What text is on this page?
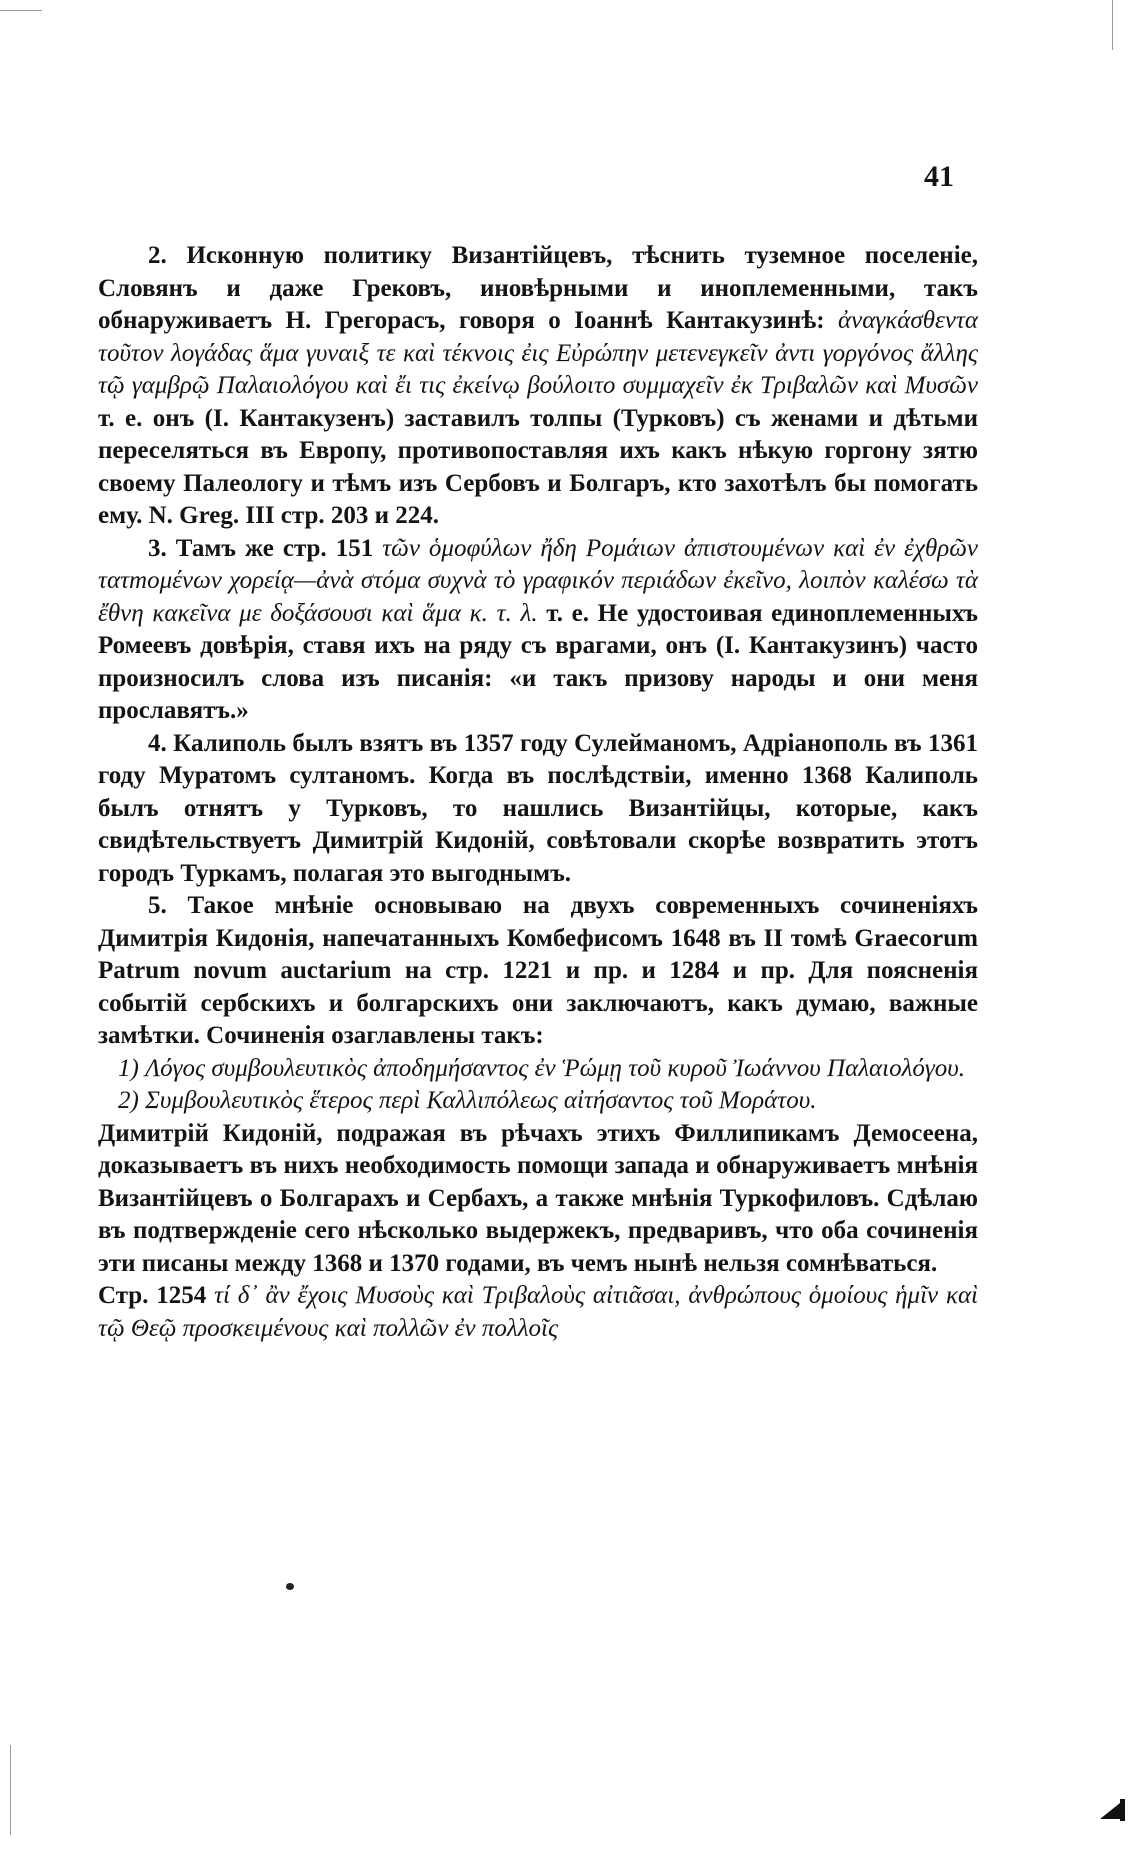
41

2. Исконную политику Византійцевъ, тѣснить туземное поселеніе, Словянъ и даже Грековъ, иновѣрными и иноплеменными, такъ обнаруживаетъ Н. Грегорасъ, говоря о Іоаннѣ Кантакузинѣ: ἀναγκάσθεντα τοῦτον λογάδας ἅμα γυναιξ τε καὶ τέκνοις ἐις Εὐρώπην μετενεγκεῖν ἀντι γοργόνος ἄλλης τῷ γαμβρῷ Παλαιολόγου καὶ ἔι τις ἐκείνῳ βούλοιτο συμμαχεῖν ἐκ Τριβαλῶν καὶ Μυσῶν т. е. онъ (І. Кантакузенъ) заставилъ толпы (Турковъ) съ женами и дѣтьми переселяться въ Европу, противопоставляя ихъ какъ нѣкую горгону зятю своему Палеологу и тѣмъ изъ Сербовъ и Болгаръ, кто захотѣлъ бы помогать ему. N. Greg. III стр. 203 и 224.

3. Тамъ же стр. 151 τῶν ὁμοφύλων ἤδη Ρομάιων ἀπιστουμένων καὶ ἐν ἐχθρῶν τατтομένων χορείᾳ—ἀνὰ στόμα συχνὰ τὸ γραφικόν περιάδων ἐκεῖνο, λοιπὸν καλέσω τὰ ἔθνη κακεῖνα με δοξάσουσι καὶ ἅμα κ. τ. λ. т. е. Не удостоивая единоплеменныхъ Ромеевъ довѣрія, ставя ихъ на ряду съ врагами, онъ (І. Кантакузинъ) часто произносилъ слова изъ писанія: «и такъ призову народы и они меня прославятъ.»

4. Калиполь былъ взятъ въ 1357 году Сулейманомъ, Адріанополь въ 1361 году Муратомъ султаномъ. Когда въ послѣдствіи, именно 1368 Калиполь былъ отнятъ у Турковъ, то нашлись Византійцы, которые, какъ свидѣтельствуетъ Димитрій Кидоній, совѣтовали скорѣе возвратить этотъ городъ Туркамъ, полагая это выгоднымъ.

5. Такое мнѣніе основываю на двухъ современныхъ сочиненіяхъ Димитрія Кидонія, напечатанныхъ Комбефисомъ 1648 въ II томѣ Graecorum Patrum novum auctarium на стр. 1221 и пр. и 1284 и пр. Для поясненія событій сербскихъ и болгарскихъ они заключаютъ, какъ думаю, важные замѣтки. Сочиненія озаглавлены такъ:

1) Λόγος συμβουλευτικὸς ἀποδημήσαντος ἐν Ῥώμῃ τοῦ κυροῦ Ἰωάννου Παλαιολόγου.

2) Συμβουλευτικὸς ἕτερος περὶ Καλλιπόλεως αἰτήσαντος τοῦ Μοράτου.

Димитрій Кидоній, подражая въ рѣчахъ этихъ Филлипикамъ Демосеена, доказываетъ въ нихъ необходимость помощи запада и обнаруживаетъ мнѣнія Византійцевъ о Болгарахъ и Сербахъ, а также мнѣнія Туркофиловъ. Сдѣлаю въ подтвержденіе сего нѣсколько выдержекъ, предваривъ, что оба сочиненія эти писаны между 1368 и 1370 годами, въ чемъ нынѣ нельзя сомнѣваться.

Стр. 1254 τί δ᾽ ἂν ἔχοις Μυσοὺς καὶ Τριβαλοὺς αἰτιᾶσαι, ἀνθρώπους ὁμοίους ἡμῖν καὶ τῷ Θεῷ προσκειμένους καὶ πολλῶν ἐν πολλοῖς
